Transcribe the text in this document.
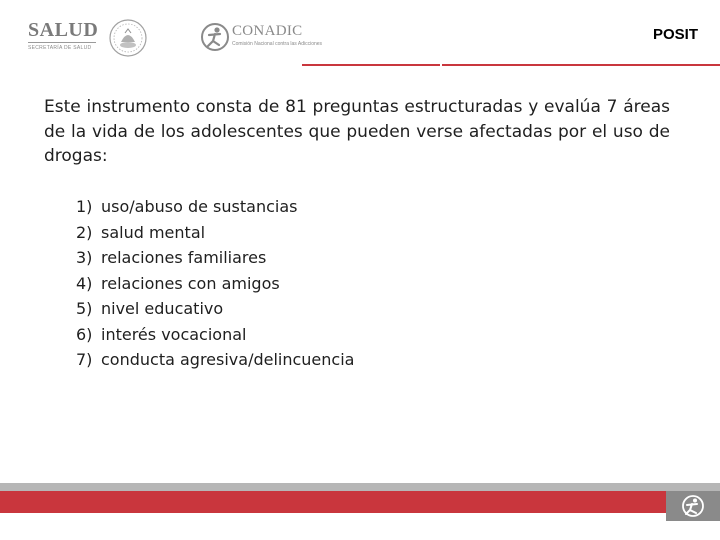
SALUD
SECRETARÍA DE SALUD
CONADIC
Comisión Nacional contra las Adicciones
POSIT

Este instrumento consta de 81 preguntas estructuradas y evalúa 7 áreas de la vida de los adolescentes que pueden verse afectadas por el uso de drogas:

1) uso/abuso de sustancias
2) salud mental
3) relaciones familiares
4) relaciones con amigos
5) nivel educativo
6) interés vocacional
7) conducta agresiva/delincuencia
